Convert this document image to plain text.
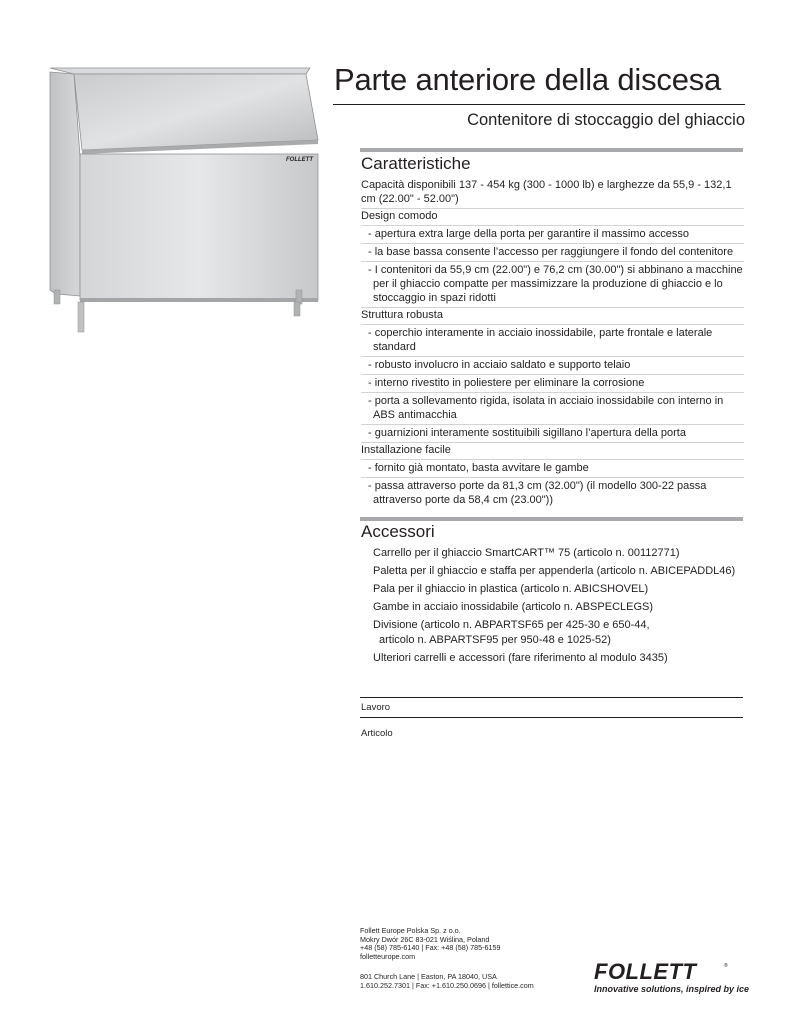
FOLLETT
Parte anteriore della discesa
Contenitore di stoccaggio del ghiaccio
Caratteristiche
Capacità disponibili 137 - 454 kg (300 - 1000 lb) e larghezze da 55,9 - 132,1 cm (22.00" - 52.00")
Design comodo
- apertura extra large della porta per garantire il massimo accesso
- la base bassa consente l’accesso per raggiungere il fondo del contenitore
- I contenitori da 55,9 cm (22.00") e 76,2 cm (30.00") si abbinano a macchine per il ghiaccio compatte per massimizzare la produzione di ghiaccio e lo stoccaggio in spazi ridotti
Struttura robusta
- coperchio interamente in acciaio inossidabile, parte frontale e laterale standard
- robusto involucro in acciaio saldato e supporto telaio
- interno rivestito in poliestere per eliminare la corrosione
- porta a sollevamento rigida, isolata in acciaio inossidabile con interno in ABS antimacchia
- guarnizioni interamente sostituibili sigillano l’apertura della porta
Installazione facile
- fornito già montato, basta avvitare le gambe
- passa attraverso porte da 81,3 cm (32.00") (il modello 300-22 passa attraverso porte da 58,4 cm (23.00"))
Accessori
Carrello per il ghiaccio SmartCART™ 75 (articolo n. 00112771)
Paletta per il ghiaccio e staffa per appenderla (articolo n. ABICEPADDL46)
Pala per il ghiaccio in plastica (articolo n. ABICSHOVEL)
Gambe in acciaio inossidabile (articolo n. ABSPECLEGS)
Divisione (articolo n. ABPARTSF65 per 425-30 e 650-44, articolo n. ABPARTSF95 per 950-48 e 1025-52)
Ulteriori carrelli e accessori (fare riferimento al modulo 3435)
Lavoro
Articolo
Follett Europe Polska Sp. z o.o.
Mokry Dwór 26C 83-021 Wiślina, Poland
+48 (58) 785-6140 | Fax: +48 (58) 785-6159
folletteurope.com
801 Church Lane | Easton, PA 18040, USA
1.610.252.7301 | Fax: +1.610.250.0696 | follettice.com
FOLLETT	®
Innovative solutions, inspired by ice
